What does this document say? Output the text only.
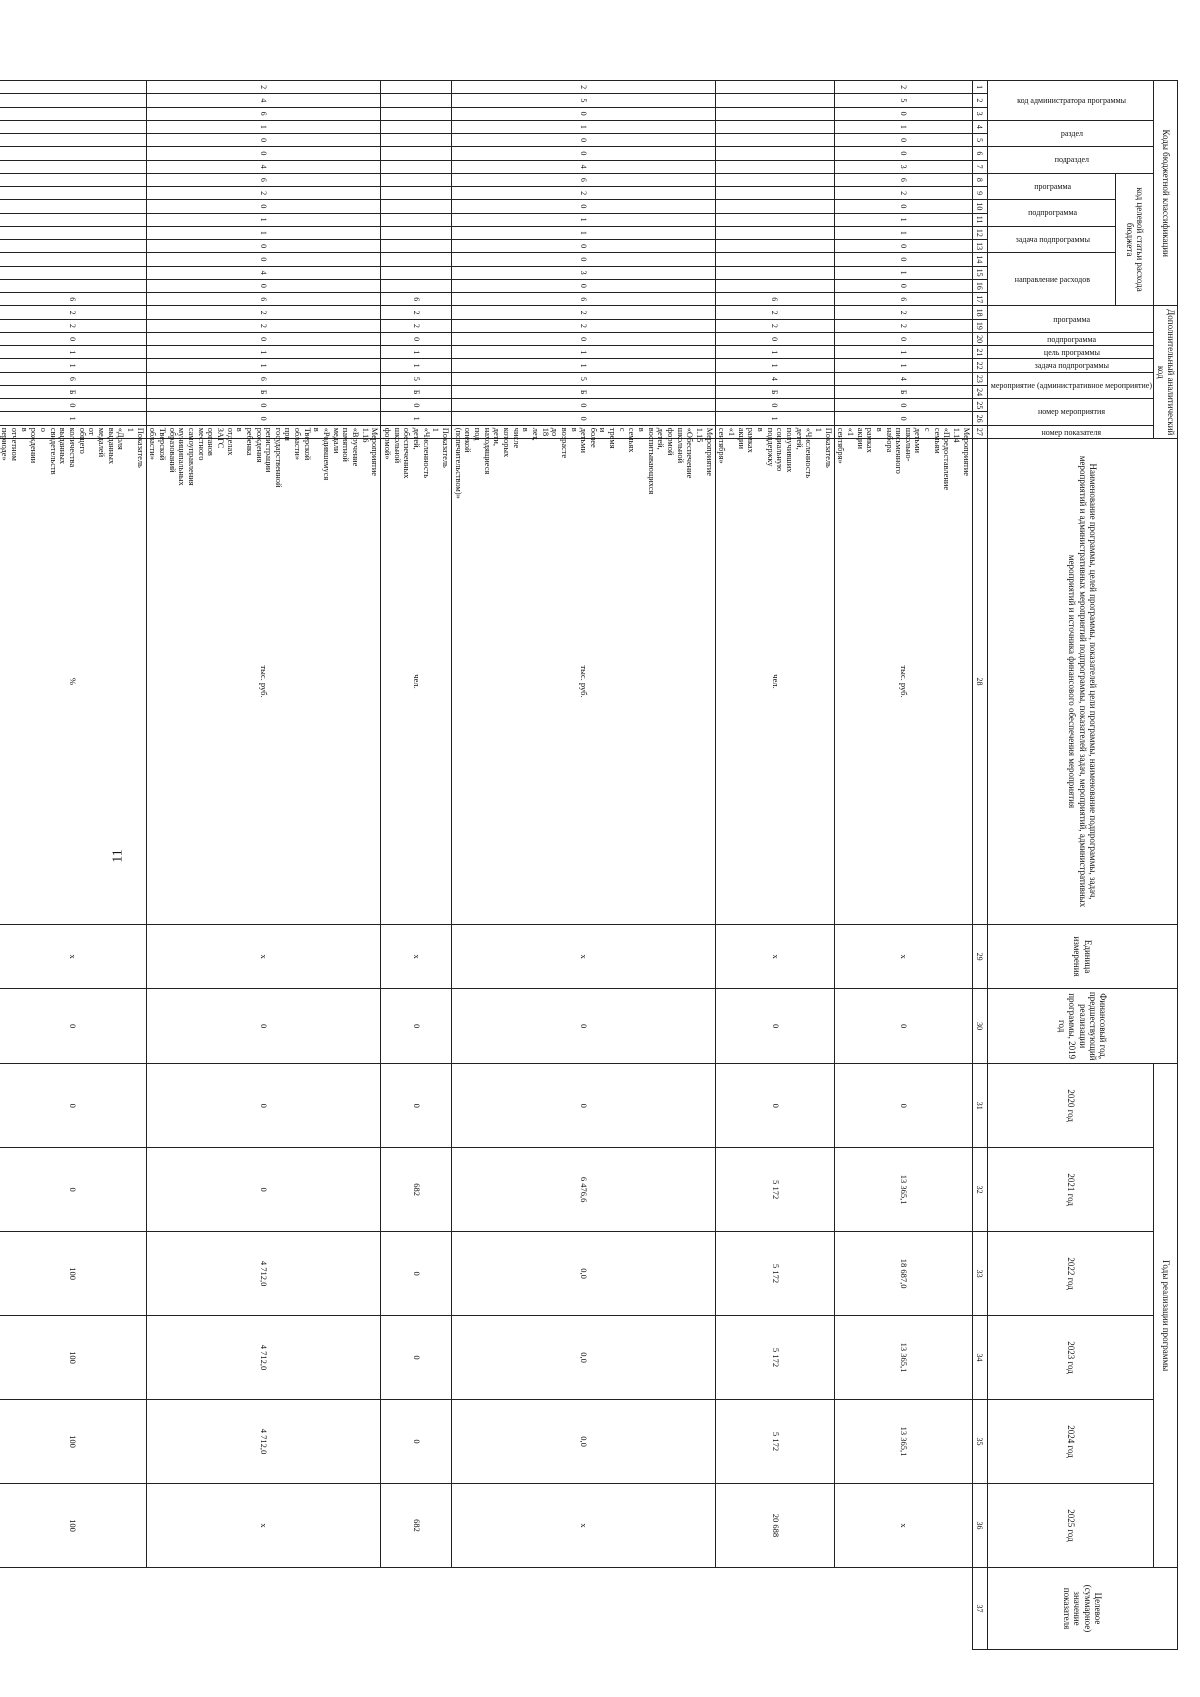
11
Коды бюджетной классификации																	Дополнительный аналитический код										Наименование программы, целей программы, показателей цели программы, наименование подпрограммы, задач, мероприятий и административных мероприятий подпрограммы, показателей задач, мероприятий, административных мероприятий и источника финансового обеспечения мероприятия	Единица измерения	Финансовый год, предшествующий реализации программы, 2019 год	Годы реализации программы						Целевое (суммарное) значение показателя
код администратора программы			раздел		подраздел		код целевой статьи расхода бюджета										программа		подпрограмма	цель программы	задача подпрограммы	мероприятие (административное мероприятие)		номер мероприятия		номер показателя				2020 год	2021 год	2022 год	2023 год	2024 год	2025 год	
							программа		подпрограмма		задача подпрограммы		направление расходов																							
1	2	3	4	5	6	7	8	9	10	11	12	13	14	15	16	17	18	19	20	21	22	23	24	25	26	27	28	29	30	31	32	33	34	35	36	37
2	5	0	1	0	0	3	6	2	0	1	1	0	0	1	0	6	2	2	0	1	1	4	Б	0	0	Мероприятие 1.14 «Предоставление семьям с детьми школьно-письменного набора в рамках акции «1 сентября»	тыс. руб.	х	0	0	13 365,1	18 687,0	13 365,1	13 365,1	х	
																6	2	2	0	1	1	4	Б	0	1	Показатель 1 «Численность детей, получивших социальную поддержку в рамках акции «1 сентября»	чел.	х	0	0	5 172	5 172	5 172	5 172	20 688	
2	5	0	1	0	0	4	6	2	0	1	1	0	0	3	0	6	2	2	0	1	1	5	Б	0	0	Мероприятие 1.15 «Обеспечение школьной формой детей, воспитывающихся в семьях с тремя и более детьми в возрасте до 18 лет, в числе которых дети, находящиеся под опекой (попечительством)»	тыс. руб.	х	0	0	6 476,6	0,0	0,0	0,0	х	
																6	2	2	0	1	1	5	Б	0	1	Показатель 1 «Численность детей, обеспеченных школьной формой»	чел.	х	0	0	682	0	0	0	682	
2	4	6	1	0	0	4	6	2	0	1	1	0	0	4	0	6	2	2	0	1	1	6	Б	0	0	Мероприятие 1.16 «Вручение памятной медали «Родившемуся в Тверской области» при государственной регистрации рождения ребенка в отделах ЗАГС органов местного самоуправления муниципальных образований Тверской области»	тыс. руб.	х	0	0	0	4 712,0	4 712,0	4 712,0	х	
																6	2	2	0	1	1	6	Б	0	1	Показатель 1 «Доля выданных медалей от общего количества выданных свидетельств о рождении в отчетном периоде»	%	х	0	0	0	100	100	100	100	
